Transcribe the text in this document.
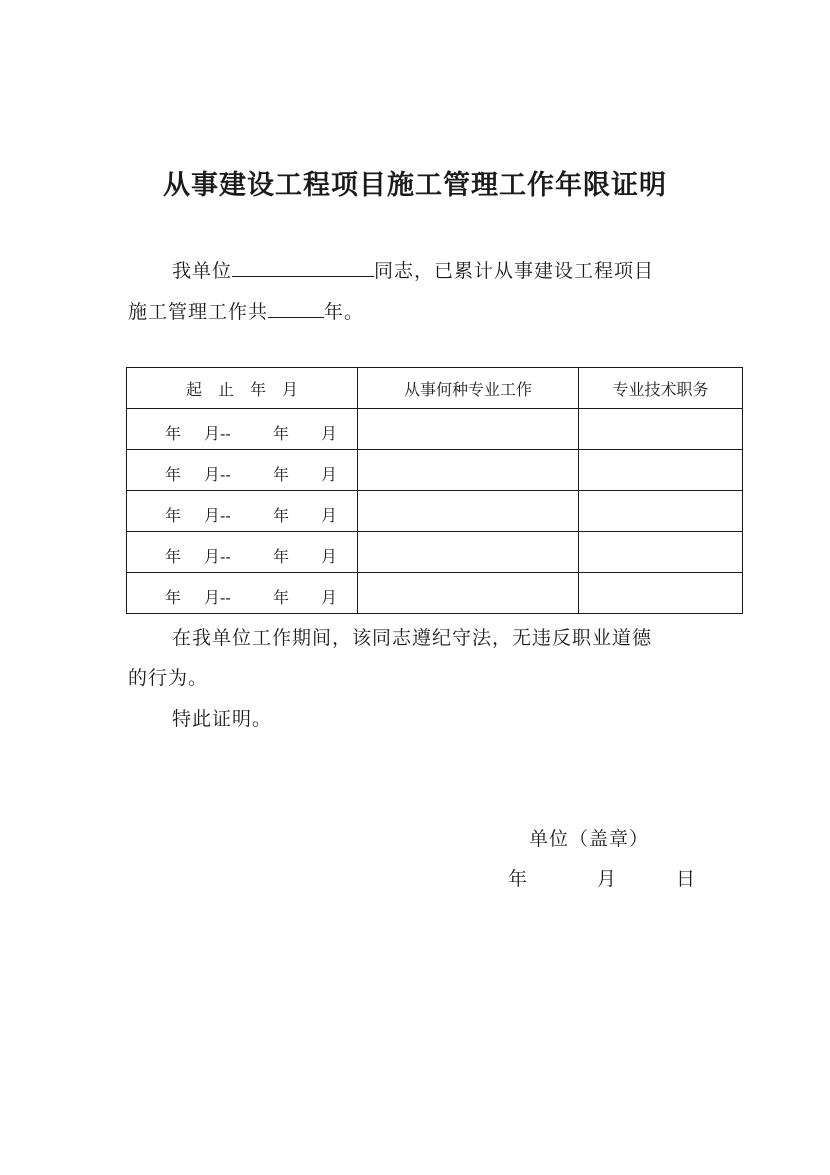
从事建设工程项目施工管理工作年限证明
我单位	同志，已累计从事建设工程项目
施工管理工作共	年。
起　止　年　月	从事何种专业工作	专业技术职务

年 月-- 年 月		

年 月-- 年 月		

年 月-- 年 月		

年 月-- 年 月		

年 月-- 年 月		

在我单位工作期间，该同志遵纪守法，无违反职业道德
的行为。
特此证明。
单位（盖章）
年	月	日
